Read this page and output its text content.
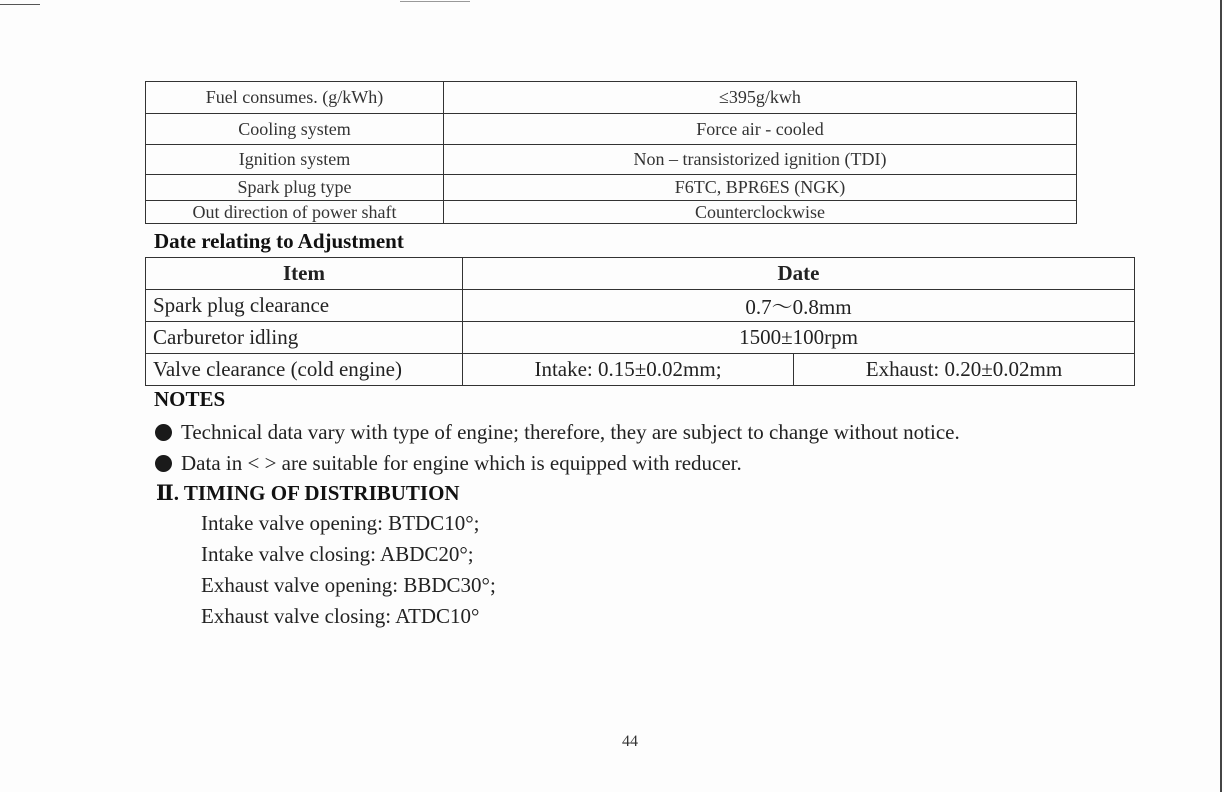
Fuel consumes. (g/kWh)	≤395g/kwh
Cooling system	Force air - cooled
Ignition system	Non – transistorized ignition (TDI)
Spark plug type	F6TC, BPR6ES (NGK)
Out direction of power shaft	Counterclockwise
Date relating to Adjustment
Item	Date	
Spark plug clearance	0.7～0.8mm	
Carburetor idling	1500±100rpm	
Valve clearance (cold engine)	Intake: 0.15±0.02mm;	Exhaust: 0.20±0.02mm
NOTES
Technical data vary with type of engine; therefore, they are subject to change without notice.
Data in < > are suitable for engine which is equipped with reducer.
Ⅱ. TIMING OF DISTRIBUTION
Intake valve opening: BTDC10°;
Intake valve closing: ABDC20°;
Exhaust valve opening: BBDC30°;
Exhaust valve closing: ATDC10°
44
